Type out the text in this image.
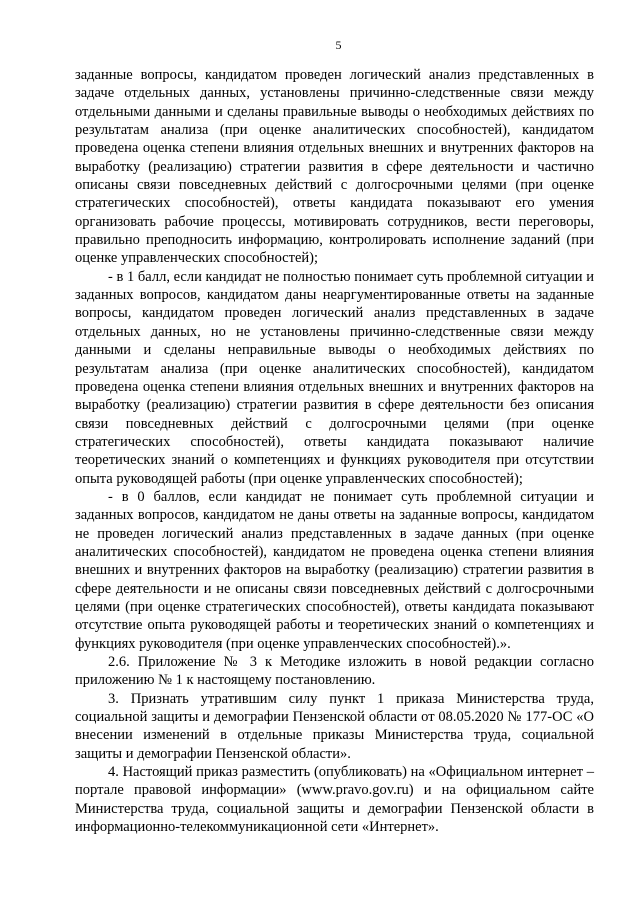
5

заданные вопросы, кандидатом проведен логический анализ представленных в задаче отдельных данных, установлены причинно-следственные связи между отдельными данными и сделаны правильные выводы о необходимых действиях по результатам анализа (при оценке аналитических способностей), кандидатом проведена оценка степени влияния отдельных внешних и внутренних факторов на выработку (реализацию) стратегии развития в сфере деятельности и частично описаны связи повседневных действий с долгосрочными целями (при оценке стратегических способностей), ответы кандидата показывают его умения организовать рабочие процессы, мотивировать сотрудников, вести переговоры, правильно преподносить информацию, контролировать исполнение заданий (при оценке управленческих способностей);

- в 1 балл, если кандидат не полностью понимает суть проблемной ситуации и заданных вопросов, кандидатом даны неаргументированные ответы на заданные вопросы, кандидатом проведен логический анализ представленных в задаче отдельных данных, но не установлены причинно-следственные связи между данными и сделаны неправильные выводы о необходимых действиях по результатам анализа (при оценке аналитических способностей), кандидатом проведена оценка степени влияния отдельных внешних и внутренних факторов на выработку (реализацию) стратегии развития в сфере деятельности без описания связи повседневных действий с долгосрочными целями (при оценке стратегических способностей), ответы кандидата показывают наличие теоретических знаний о компетенциях и функциях руководителя при отсутствии опыта руководящей работы (при оценке управленческих способностей);

- в 0 баллов, если кандидат не понимает суть проблемной ситуации и заданных вопросов, кандидатом не даны ответы на заданные вопросы, кандидатом не проведен логический анализ представленных в задаче данных (при оценке аналитических способностей), кандидатом не проведена оценка степени влияния внешних и внутренних факторов на выработку (реализацию) стратегии развития в сфере деятельности и не описаны связи повседневных действий с долгосрочными целями (при оценке стратегических способностей), ответы кандидата показывают отсутствие опыта руководящей работы и теоретических знаний о компетенциях и функциях руководителя (при оценке управленческих способностей).».

2.6. Приложение № 3 к Методике изложить в новой редакции согласно приложению № 1 к настоящему постановлению.

3. Признать утратившим силу пункт 1 приказа Министерства труда, социальной защиты и демографии Пензенской области от 08.05.2020 № 177-ОС «О внесении изменений в отдельные приказы Министерства труда, социальной защиты и демографии Пензенской области».

4. Настоящий приказ разместить (опубликовать) на «Официальном интернет – портале правовой информации» (www.pravo.gov.ru) и на официальном сайте Министерства труда, социальной защиты и демографии Пензенской области в информационно-телекоммуникационной сети «Интернет».
